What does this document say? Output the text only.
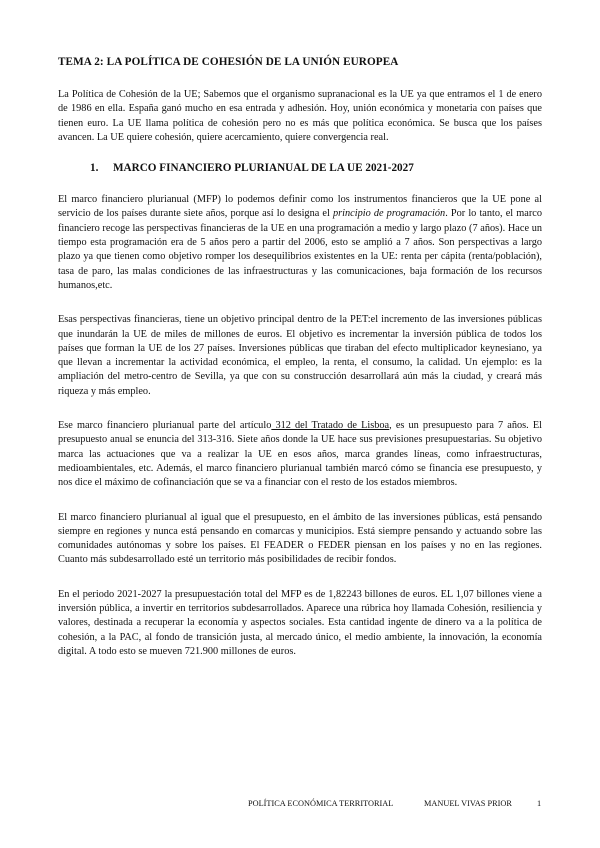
TEMA 2: LA POLÍTICA DE COHESIÓN DE LA UNIÓN EUROPEA

La Política de Cohesión de la UE; Sabemos que el organismo supranacional es la UE ya que entramos el 1 de enero de 1986 en ella. España ganó mucho en esa entrada y adhesión. Hoy, unión económica y monetaria con países que tienen euro. La UE llama política de cohesión pero no es más que política económica. Se busca que los países avancen. La UE quiere cohesión, quiere acercamiento, quiere convergencia real.

1. MARCO FINANCIERO PLURIANUAL DE LA UE 2021-2027

El marco financiero plurianual (MFP) lo podemos definir como los instrumentos financieros que la UE pone al servicio de los países durante siete años, porque así lo designa el principio de programación. Por lo tanto, el marco financiero recoge las perspectivas financieras de la UE en una programación a medio y largo plazo (7 años). Hace un tiempo esta programación era de 5 años pero a partir del 2006, esto se amplió a 7 años. Son perspectivas a largo plazo ya que tienen como objetivo romper los desequilibrios existentes en la UE: renta per cápita (renta/población), tasa de paro, las malas condiciones de las infraestructuras y las comunicaciones, baja formación de los recursos humanos,etc.

Esas perspectivas financieras, tiene un objetivo principal dentro de la PET:el incremento de las inversiones públicas que inundarán la UE de miles de millones de euros. El objetivo es incrementar la inversión pública de todos los países que forman la UE de los 27 países. Inversiones públicas que tiraban del efecto multiplicador keynesiano, ya que llevan a incrementar la actividad económica, el empleo, la renta, el consumo, la calidad. Un ejemplo: es la ampliación del metro-centro de Sevilla, ya que con su construcción desarrollará aún más la ciudad, y creará más riqueza y más empleo.

Ese marco financiero plurianual parte del artículo 312 del Tratado de Lisboa, es un presupuesto para 7 años. El presupuesto anual se enuncia del 313-316. Siete años donde la UE hace sus previsiones presupuestarias. Su objetivo marca las actuaciones que va a realizar la UE en esos años, marca grandes líneas, como infraestructuras, medioambientales, etc. Además, el marco financiero plurianual también marcó cómo se financia ese presupuesto, y nos dice el máximo de cofinanciación que se va a financiar con el resto de los estados miembros.

El marco financiero plurianual al igual que el presupuesto, en el ámbito de las inversiones públicas, está pensando siempre en regiones y nunca está pensando en comarcas y municipios. Está siempre pensando y actuando sobre las comunidades autónomas y sobre los países. El FEADER o FEDER piensan en los países y no en las regiones. Cuanto más subdesarrollado esté un territorio más posibilidades de recibir fondos.

En el periodo 2021-2027 la presupuestación total del MFP es de 1,82243 billones de euros. EL 1,07 billones viene a inversión pública, a invertir en territorios subdesarrollados. Aparece una rúbrica hoy llamada Cohesión, resiliencia y valores, destinada a recuperar la economía y aspectos sociales. Esta cantidad ingente de dinero va a la política de cohesión, a la PAC, al fondo de transición justa, al mercado único, el medio ambiente, la innovación, la economía digital. A todo esto se mueven 721.900 millones de euros.

POLÍTICA ECONÓMICA TERRITORIAL	MANUEL VIVAS PRIOR	1
